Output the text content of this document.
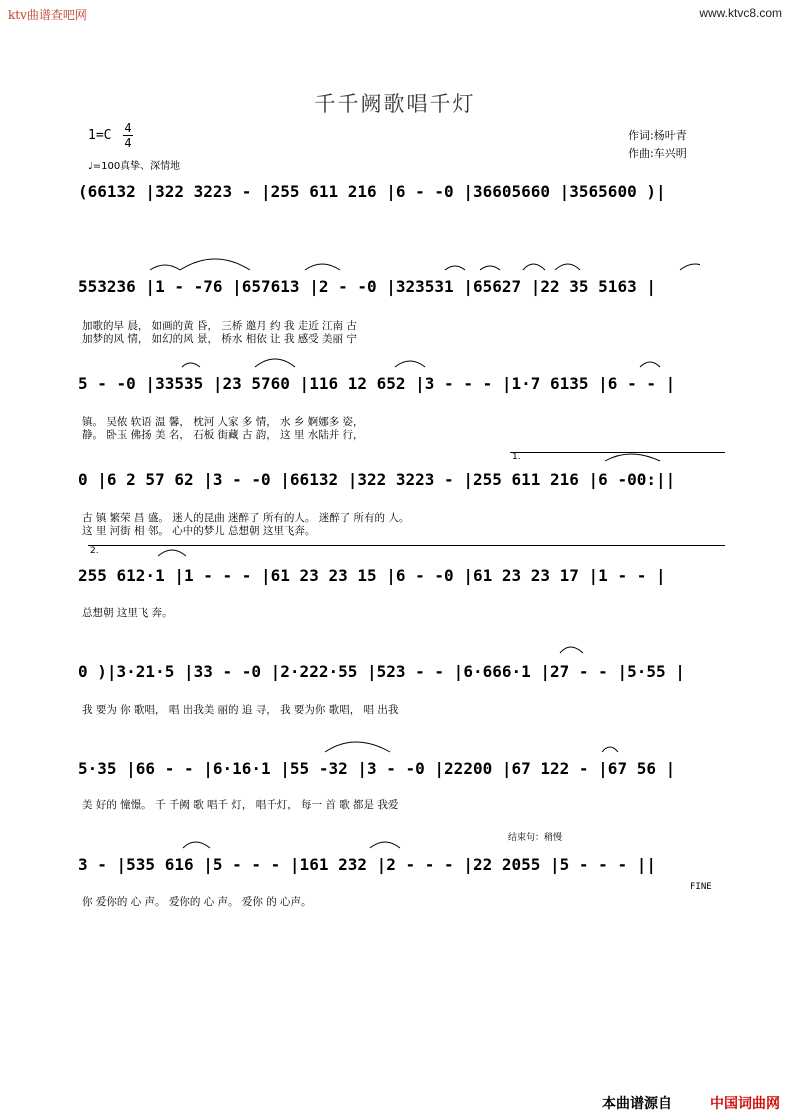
ktv曲谱查吧网	www.ktvc8.com
千千阙歌唱千灯
1=C 4
4
♩=100真挚、深情地
作词:杨叶青
作曲:车兴明
(66132 |322 3223 - |255 611 216 |6 - -0 |36605660 |3565600 )|
553236 |1 - -76 |657613 |2 - -0 |323531 |65627 |22 35 5163 |
加歌的早 晨， 如画的黄 昏， 三桥 邀月 约 我 走近 江南 古
加梦的风 情， 如幻的风 景， 桥水 相依 让 我 感受 美丽 宁
5 - -0 |33535 |23 5760 |116 12 652 |3 - - - |1·7 6135 |6 - - |
镇。 吴侬 软语 温 馨， 枕河 人家 多 情， 水 乡 婀娜多 姿，
静。 卧玉 佛扬 美 名， 石板 街藏 古 韵， 这 里 水陆并 行，
1.
0 |6 2 57 62 |3 - -0 |66132 |322 3223 - |255 611 216 |6 -00:||
古 镇 繁荣 昌 盛。 迷人的昆曲 迷醉了 所有的人。 迷醉了 所有的 人。
这 里 河街 相 邻。 心中的梦儿 总想朝 这里飞奔。
2.
255 612·1 |1 - - - |61 23 23 15 |6 - -0 |61 23 23 17 |1 - - |
总想朝 这里飞 奔。
0 )|3·21·5 |33 - -0 |2·222·55 |523 - - |6·666·1 |27 - - |5·55 |
我 要为 你 歌唱， 唱 出我美 丽的 追 寻， 我 要为你 歌唱， 唱 出我
5·35 |66 - - |6·16·1 |55 -32 |3 - -0 |22200 |67 122 - |67 56 |
美 好的 憧憬。 千 千阙 歌 唱千 灯， 唱千灯， 每一 首 歌 都是 我爱
结束句：稍慢
3 - |535 616 |5 - - - |161 232 |2 - - - |22 2055 |5 - - - ||
FINE
你 爱你的 心 声。 爱你的 心 声。 爱你 的 心声。
本曲谱源自	中国词曲网
